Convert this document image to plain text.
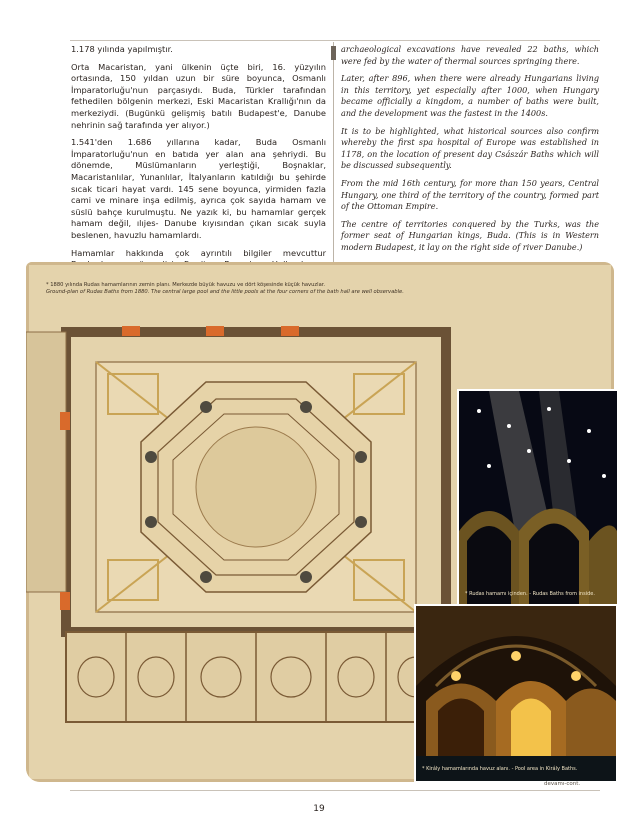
1.178 yılında yapılmıştır.

Orta Macaristan, yani ülkenin üçte biri, 16. yüzyılın ortasında, 150 yıldan uzun bir süre boyunca, Osmanlı İmparatorluğu'nun parçasıydı. Buda, Türkler tarafından fethedilen bölgenin merkezi, Eski Macaristan Krallığı'nın da merkeziydi. (Bugünkü gelişmiş batılı Budapest'e, Danube nehrinin sağ tarafında yer alıyor.)

1.541'den 1.686 yıllarına kadar, Buda Osmanlı İmparatorluğu'nun en batıda yer alan ana şehriydi. Bu dönemde, Müslümanların yerleştiği, Boşnaklar, Macaristanlılar, Yunanlılar, İtalyanların katıldığı bu şehirde sıcak ticari hayat vardı. 145 sene boyunca, yirmiden fazla cami ve minare inşa edilmiş, ayrıca çok sayıda hamam ve süslü bahçe kurulmuştu. Ne yazık ki, bu hamamlar gerçek hamam değil, ılıjes- Danube kıyısından çıkan sıcak suyla beslenen, havuzlu hamamlardı.

Hamamlar hakkında çok ayrıntılı bilgiler mevcuttur

archaeological excavations have revealed 22 baths, which were fed by the water of thermal sources springing there.

Later, after 896, when there were already Hungarians living in this territory, yet especially after 1000, when Hungary became officially a kingdom, a number of baths were built, and the development was the fastest in the 1400s.

It is to be highlighted, what historical sources also confirm whereby the first spa hospital of Europe was established in 1178, on the location of present day Császár Baths which will be discussed subsequently.

From the mid 16th century, for more than 150 years, Central Hungary, one third of the territory of the country, formed part of the Ottoman Empire.

The centre of territories conquered by the Turks, was the former seat of Hungarian kings, Buda. (This is in Western modern Budapest, it lay on the right side of river Danube.)

* 1880 yılında Rudas hamamlarının zemin planı. Merkezde büyük havuzu ve dört köşesinde küçük havuzlar.
Ground-plan of Rudas Baths from 1880. The central large pool and the little pools at the four corners of the bath hall are well observable.
* Rudas hamamı içinden. - Rudas Baths from inside.
* Király hamamlarında havuz alanı. - Pool area in Király Baths.
devamı-cont.
19
